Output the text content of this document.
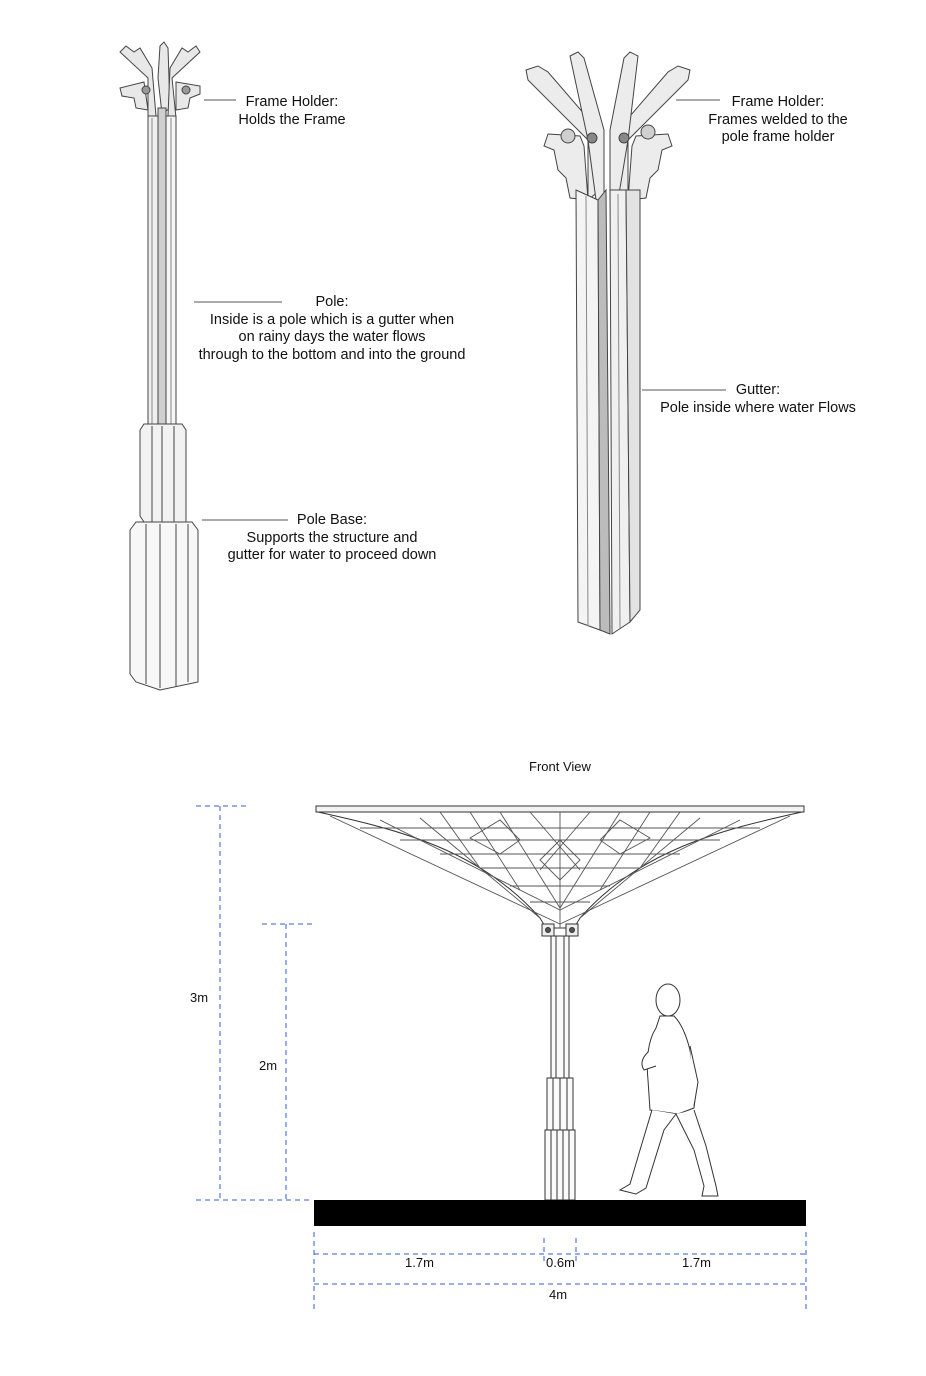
Frame Holder:
Holds the Frame
Pole:
Inside is a pole which is a gutter when
on rainy days the water flows
through to the bottom and into the ground
Pole Base:
Supports the structure and
gutter for water to proceed down
Frame Holder:
Frames welded to the
pole frame holder
Gutter:
Pole inside where water Flows
Front View
3m
2m
1.7m	0.6m	1.7m
4m
